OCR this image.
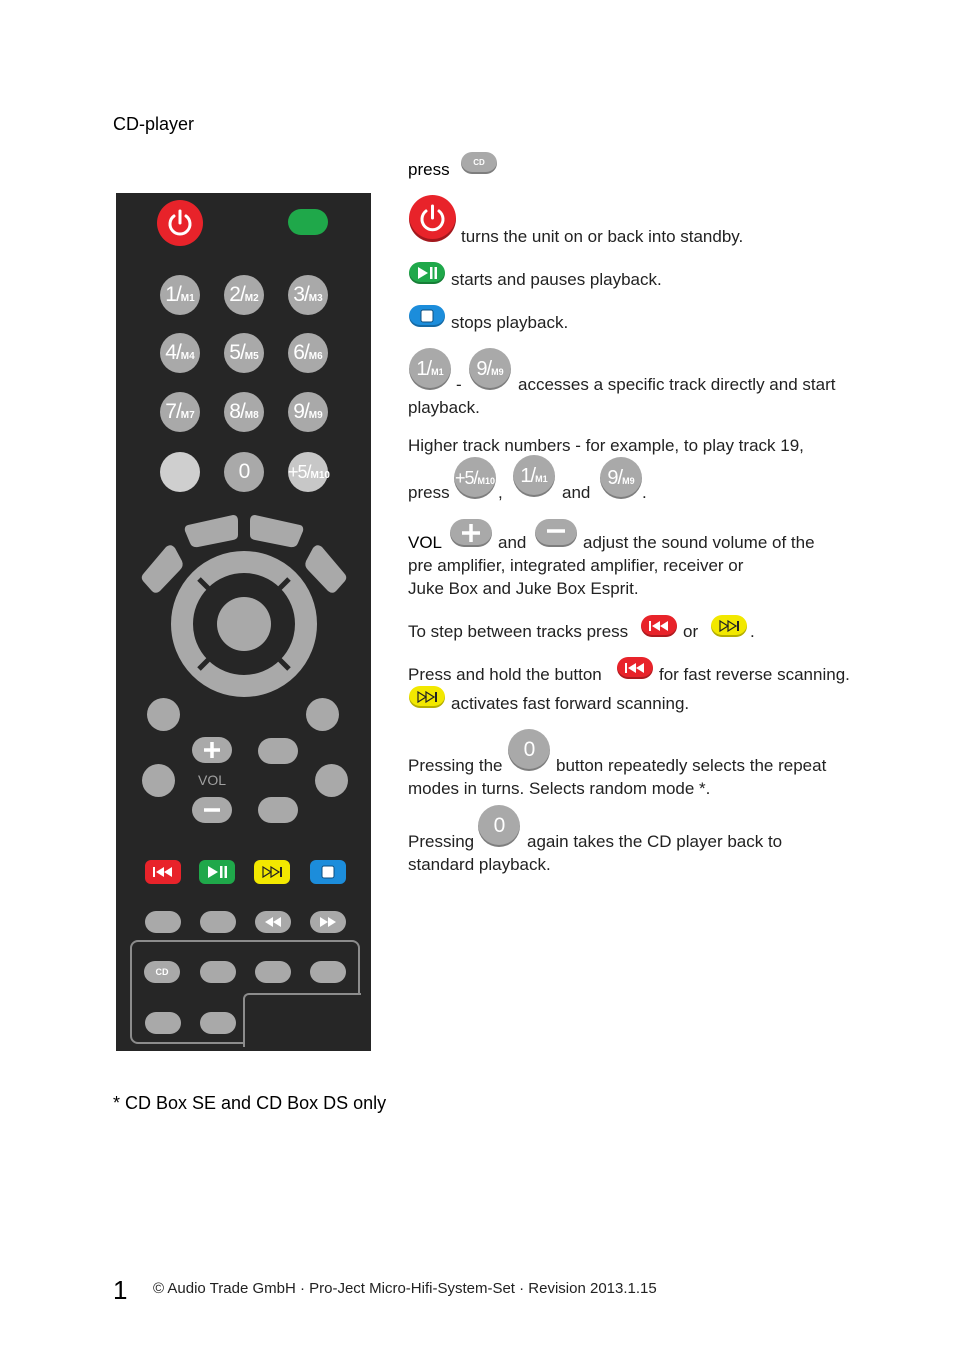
CD-player
1/M1 2/M2 3/M3
4/M4 5/M5 6/M6
7/M7 8/M8 9/M9
0	+5/M10
VOL
CD
press	CD
turns the unit on or back into standby.
starts and pauses playback.
stops playback.
1/M1
-
9/M9
accesses a specific track directly and start
playback.
Higher track numbers - for example, to play track 19,
press
+5/M10
,
1/M1
and
9/M9
.
VOL	and	adjust the sound volume of the
pre amplifier, integrated amplifier, receiver or
Juke Box and Juke Box Esprit.
To step between tracks press	or	.
Press and hold the button	for fast reverse scanning.
activates fast forward scanning.
Pressing the
0
button repeatedly selects the repeat
modes in turns. Selects random mode *.
Pressing
0
again takes the CD player back to
standard playback.
* CD Box SE and CD Box DS only
1 © Audio Trade GmbH · Pro-Ject Micro-Hifi-System-Set · Revision 2013.1.15
